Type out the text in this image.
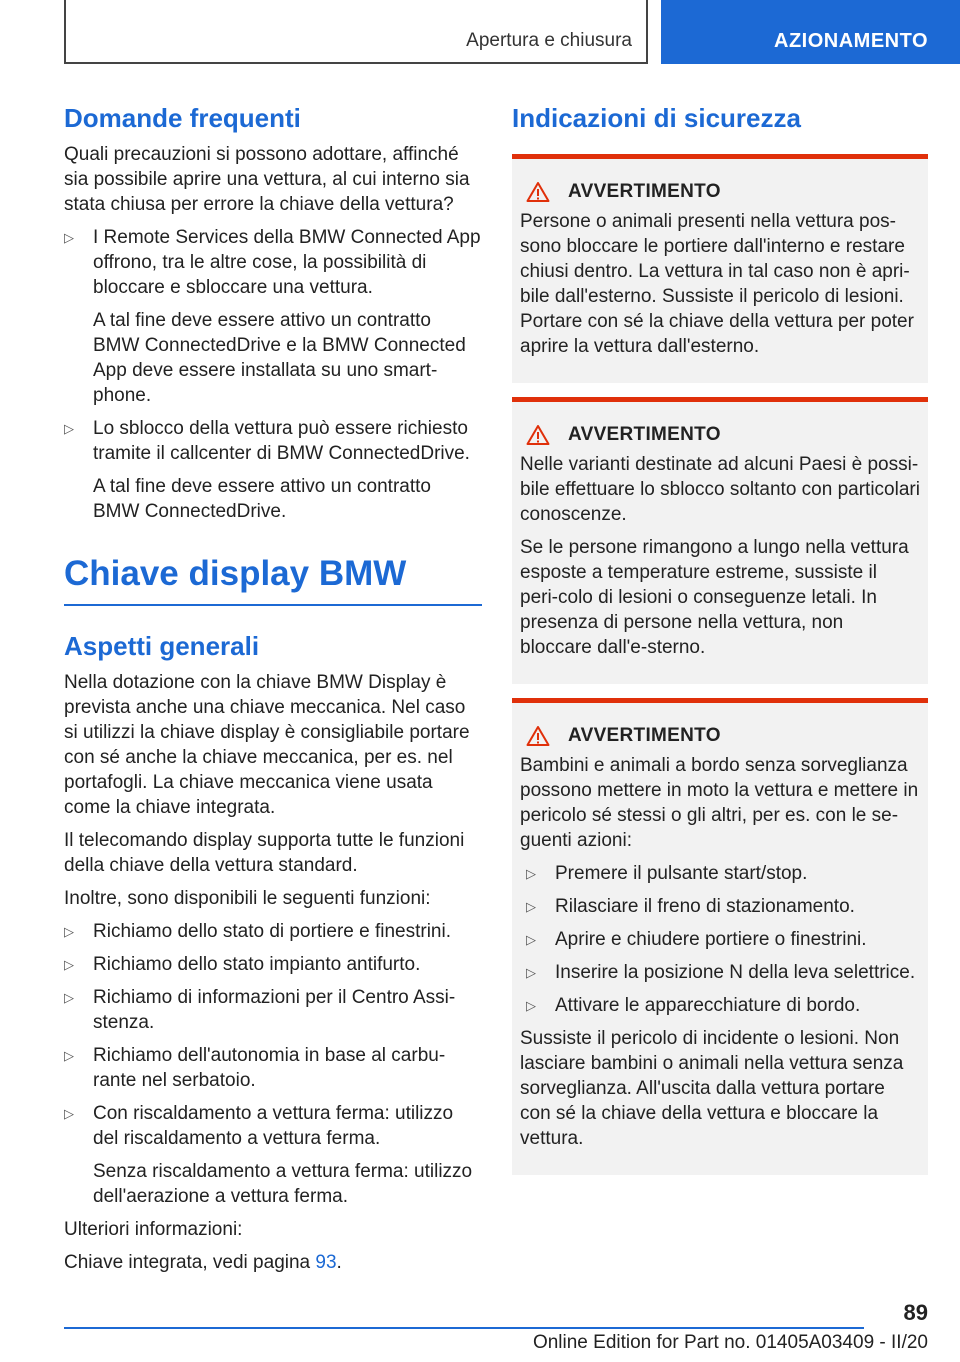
Apertura e chiusura	AZIONAMENTO
Domande frequenti

Quali precauzioni si possono adottare, affinché sia possibile aprire una vettura, al cui interno sia stata chiusa per errore la chiave della vettura?

▷ I Remote Services della BMW Connected App offrono, tra le altre cose, la possibilità di bloccare e sbloccare una vettura.
A tal fine deve essere attivo un contratto BMW ConnectedDrive e la BMW Connected App deve essere installata su uno smart-phone.
▷ Lo sblocco della vettura può essere richiesto tramite il callcenter di BMW ConnectedDrive.
A tal fine deve essere attivo un contratto BMW ConnectedDrive.
Chiave display BMW
Aspetti generali

Nella dotazione con la chiave BMW Display è prevista anche una chiave meccanica. Nel caso si utilizzi la chiave display è consigliabile portare con sé anche la chiave meccanica, per es. nel portafogli. La chiave meccanica viene usata come la chiave integrata.

Il telecomando display supporta tutte le funzioni della chiave della vettura standard.

Inoltre, sono disponibili le seguenti funzioni:

▷ Richiamo dello stato di portiere e finestrini.
▷ Richiamo dello stato impianto antifurto.
▷ Richiamo di informazioni per il Centro Assi-stenza.
▷ Richiamo dell'autonomia in base al carbu-rante nel serbatoio.
▷ Con riscaldamento a vettura ferma: utilizzo del riscaldamento a vettura ferma.
Senza riscaldamento a vettura ferma: utilizzo dell'aerazione a vettura ferma.

Ulteriori informazioni:

Chiave integrata, vedi pagina 93.

Indicazioni di sicurezza
AVVERTIMENTO

Persone o animali presenti nella vettura pos-sono bloccare le portiere dall'interno e restare chiusi dentro. La vettura in tal caso non è apri-bile dall'esterno. Sussiste il pericolo di lesioni. Portare con sé la chiave della vettura per poter aprire la vettura dall'esterno.

AVVERTIMENTO

Nelle varianti destinate ad alcuni Paesi è possi-bile effettuare lo sblocco soltanto con particolari conoscenze.

Se le persone rimangono a lungo nella vettura esposte a temperature estreme, sussiste il peri-colo di lesioni o conseguenze letali. In presenza di persone nella vettura, non bloccare dall'e-sterno.

AVVERTIMENTO

Bambini e animali a bordo senza sorveglianza possono mettere in moto la vettura e mettere in pericolo sé stessi o gli altri, per es. con le se-guenti azioni:

▷ Premere il pulsante start/stop.
▷ Rilasciare il freno di stazionamento.
▷ Aprire e chiudere portiere o finestrini.
▷ Inserire la posizione N della leva selettrice.
▷ Attivare le apparecchiature di bordo.

Sussiste il pericolo di incidente o lesioni. Non lasciare bambini o animali nella vettura senza sorveglianza. All'uscita dalla vettura portare con sé la chiave della vettura e bloccare la vettura.

89
Online Edition for Part no. 01405A03409 - II/20
